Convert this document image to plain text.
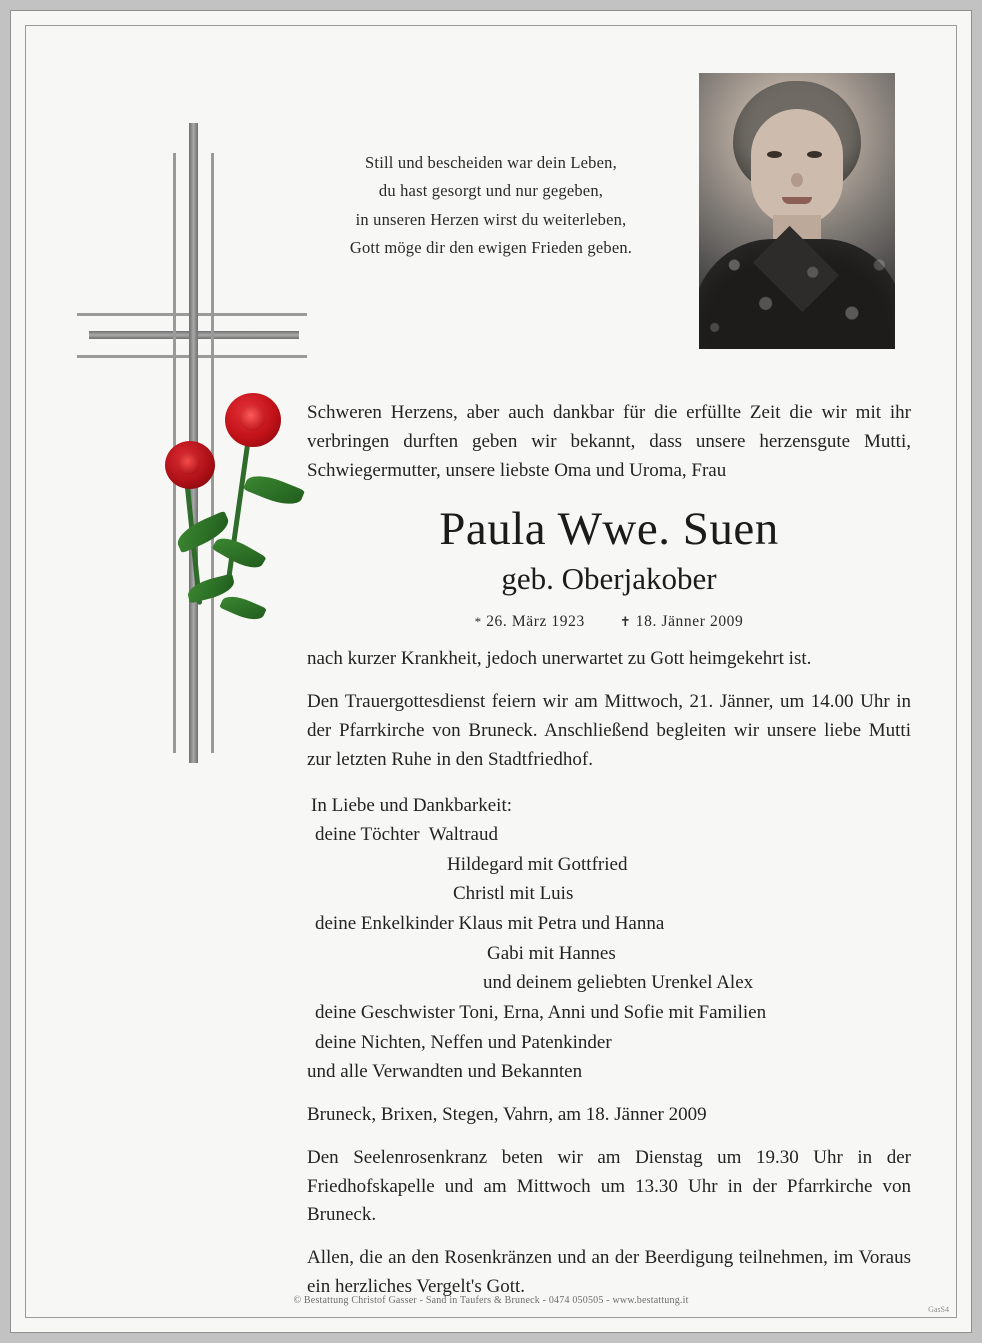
Still und bescheiden war dein Leben,
du hast gesorgt und nur gegeben,
in unseren Herzen wirst du weiterleben,
Gott möge dir den ewigen Frieden geben.
Schweren Herzens, aber auch dankbar für die erfüllte Zeit die wir mit ihr verbringen durften geben wir bekannt, dass unsere herzensgute Mutti, Schwiegermutter, unsere liebste Oma und Uroma, Frau
Paula Wwe. Suen
geb. Oberjakober
* 26. März 1923	✝ 18. Jänner 2009
nach kurzer Krankheit, jedoch unerwartet zu Gott heimgekehrt ist.
Den Trauergottesdienst feiern wir am Mittwoch, 21. Jänner, um 14.00 Uhr in der Pfarrkirche von Bruneck. Anschließend begleiten wir unsere liebe Mutti zur letzten Ruhe in den Stadtfriedhof.
In Liebe und Dankbarkeit:
deine Töchter  Waltraud
Hildegard mit Gottfried
Christl mit Luis
deine Enkelkinder Klaus mit Petra und Hanna
Gabi mit Hannes
und deinem geliebten Urenkel Alex
deine Geschwister Toni, Erna, Anni und Sofie mit Familien
deine Nichten, Neffen und Patenkinder
und alle Verwandten und Bekannten
Bruneck, Brixen, Stegen, Vahrn, am 18. Jänner 2009
Den Seelenrosenkranz beten wir am Dienstag um 19.30 Uhr in der Friedhofskapelle und am Mittwoch um 13.30 Uhr in der Pfarrkirche von Bruneck.
Allen, die an den Rosenkränzen und an der Beerdigung teilnehmen, im Voraus ein herzliches Vergelt's Gott.
© Bestattung Christof Gasser - Sand in Taufers & Bruneck - 0474 050505 - www.bestattung.it
GasS4
